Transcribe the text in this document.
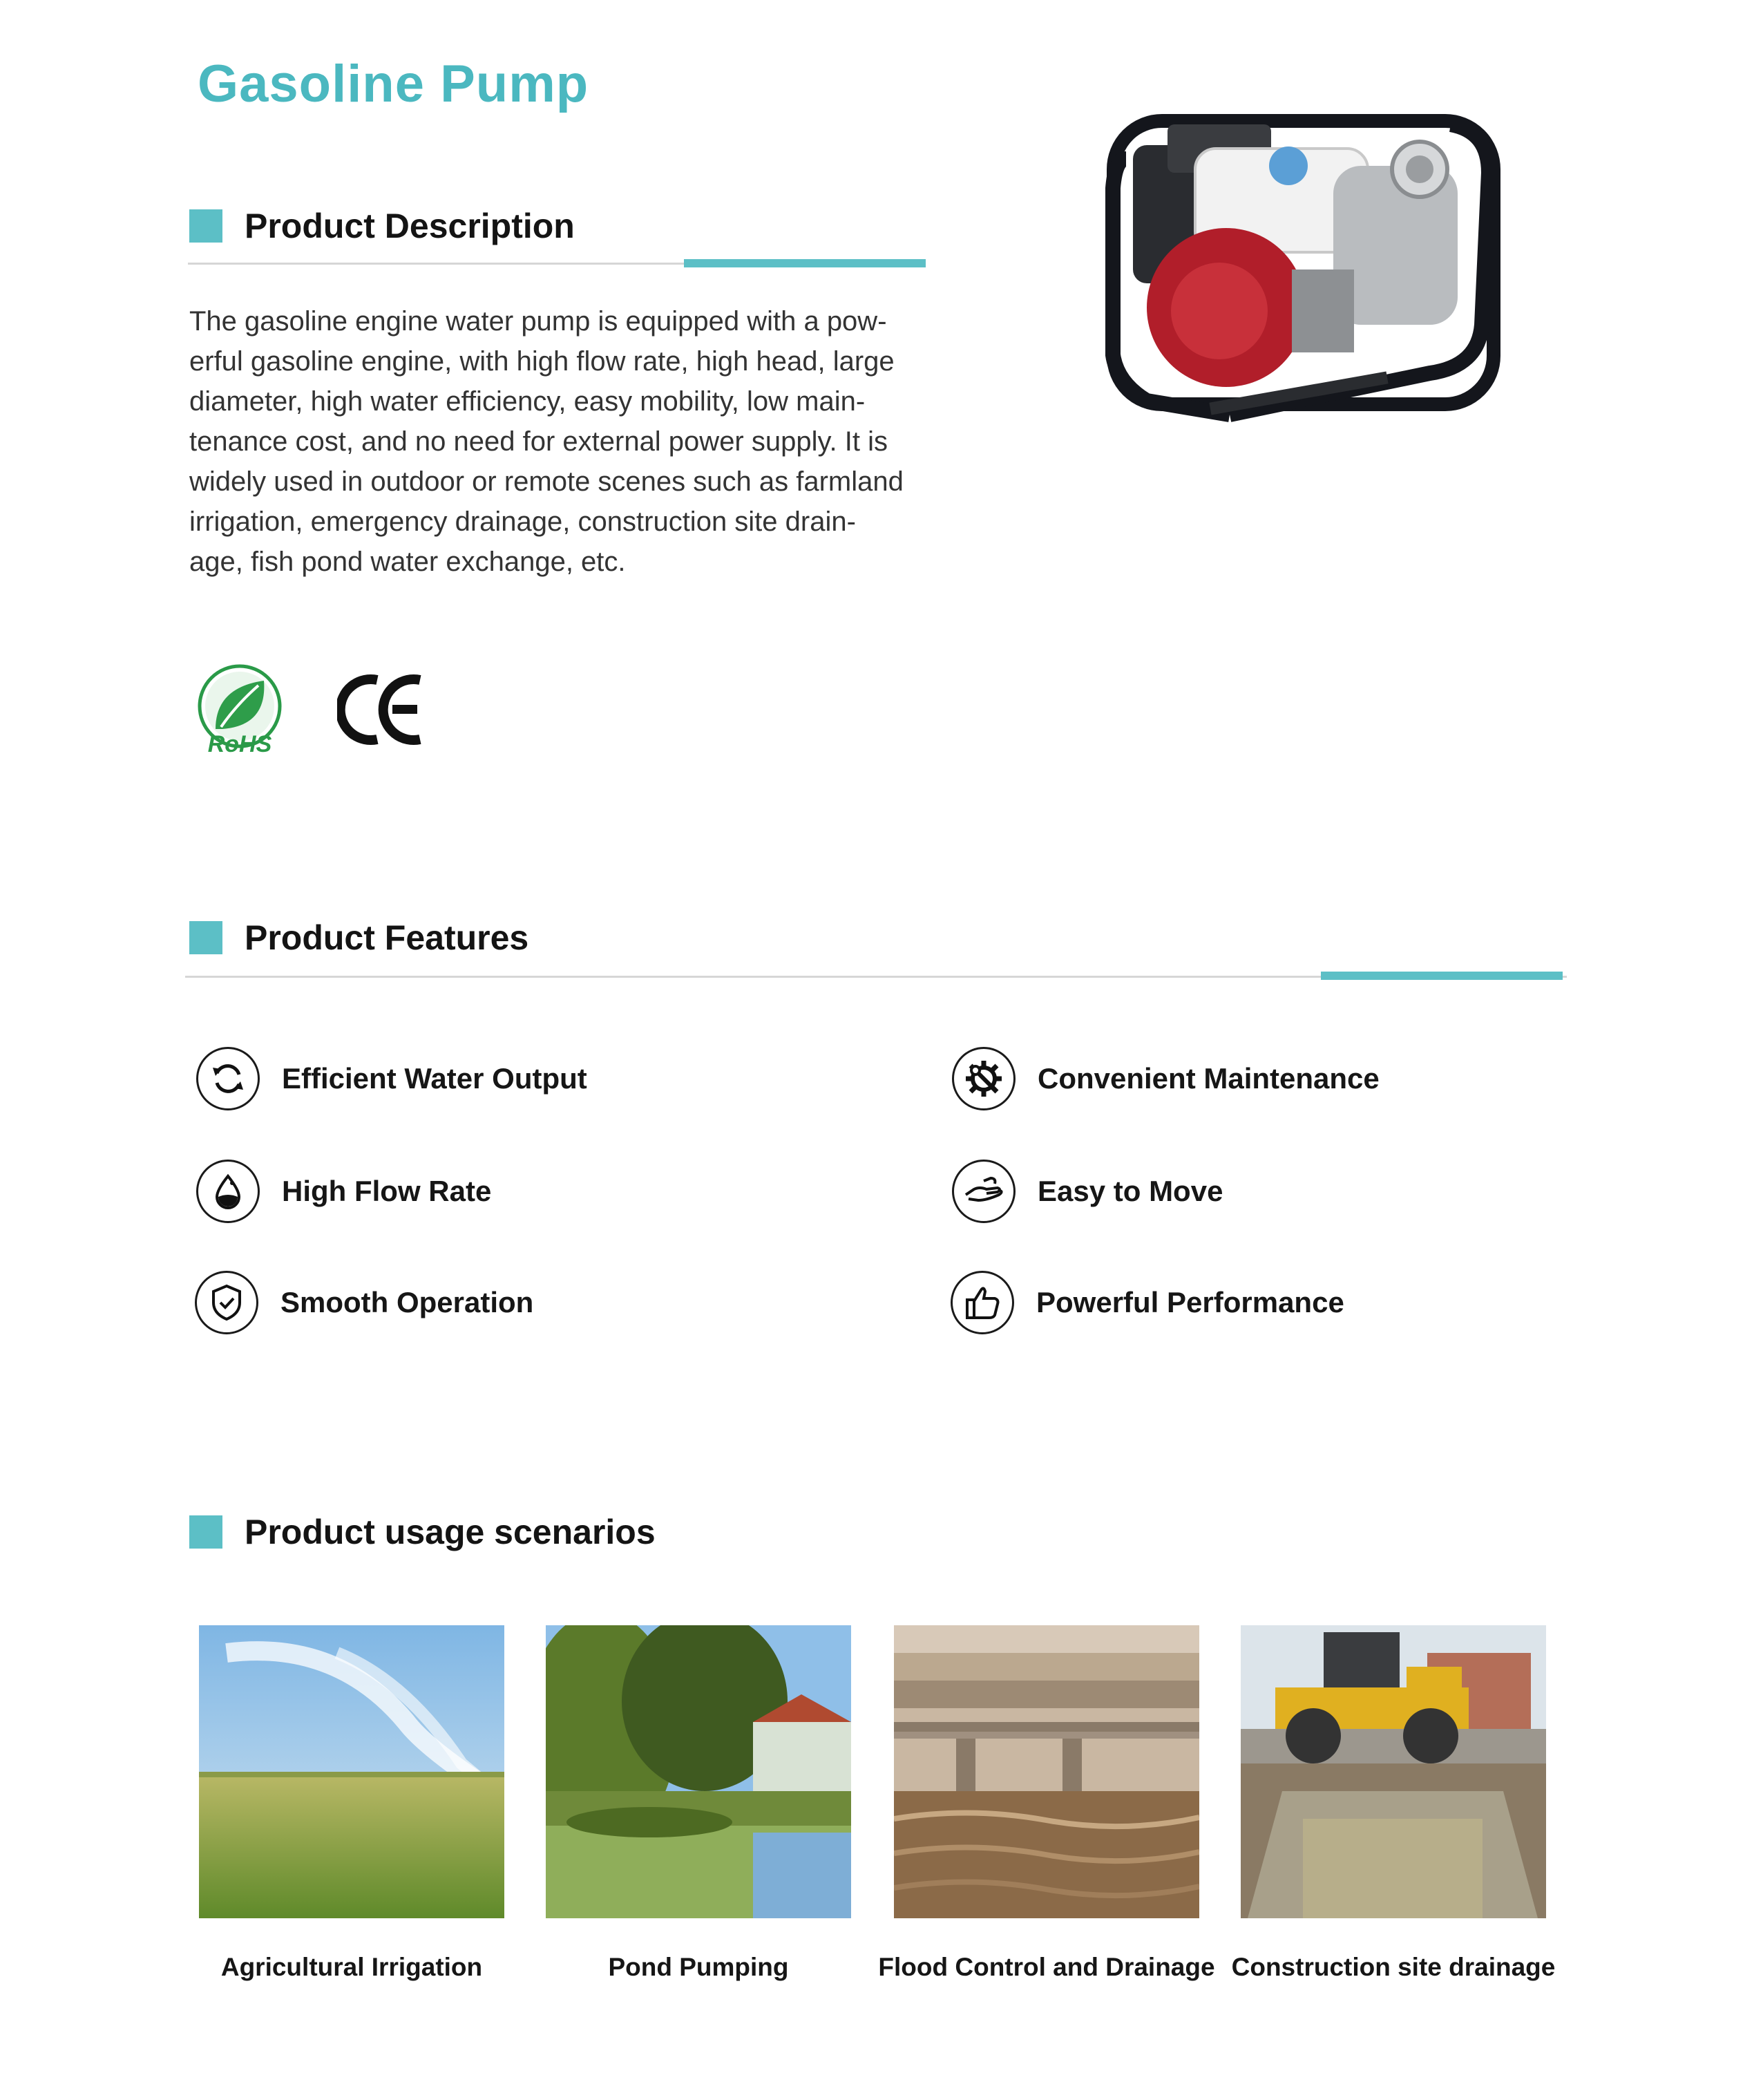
Gasoline Pump
Product Description
The gasoline engine water pump is equipped with a pow-
erful gasoline engine, with high flow rate, high head, large
diameter, high water efficiency, easy mobility, low main-
tenance cost, and no need for external power supply. It is
widely used in outdoor or remote scenes such as farmland
irrigation, emergency drainage, construction site drain-
age, fish pond water exchange, etc.
RoHS
Product Features
Efficient Water Output	Convenient Maintenance
High Flow Rate	Easy to Move
Smooth Operation	Powerful Performance
Product usage scenarios
Agricultural Irrigation	Pond Pumping	Flood Control and Drainage Construction site drainage
